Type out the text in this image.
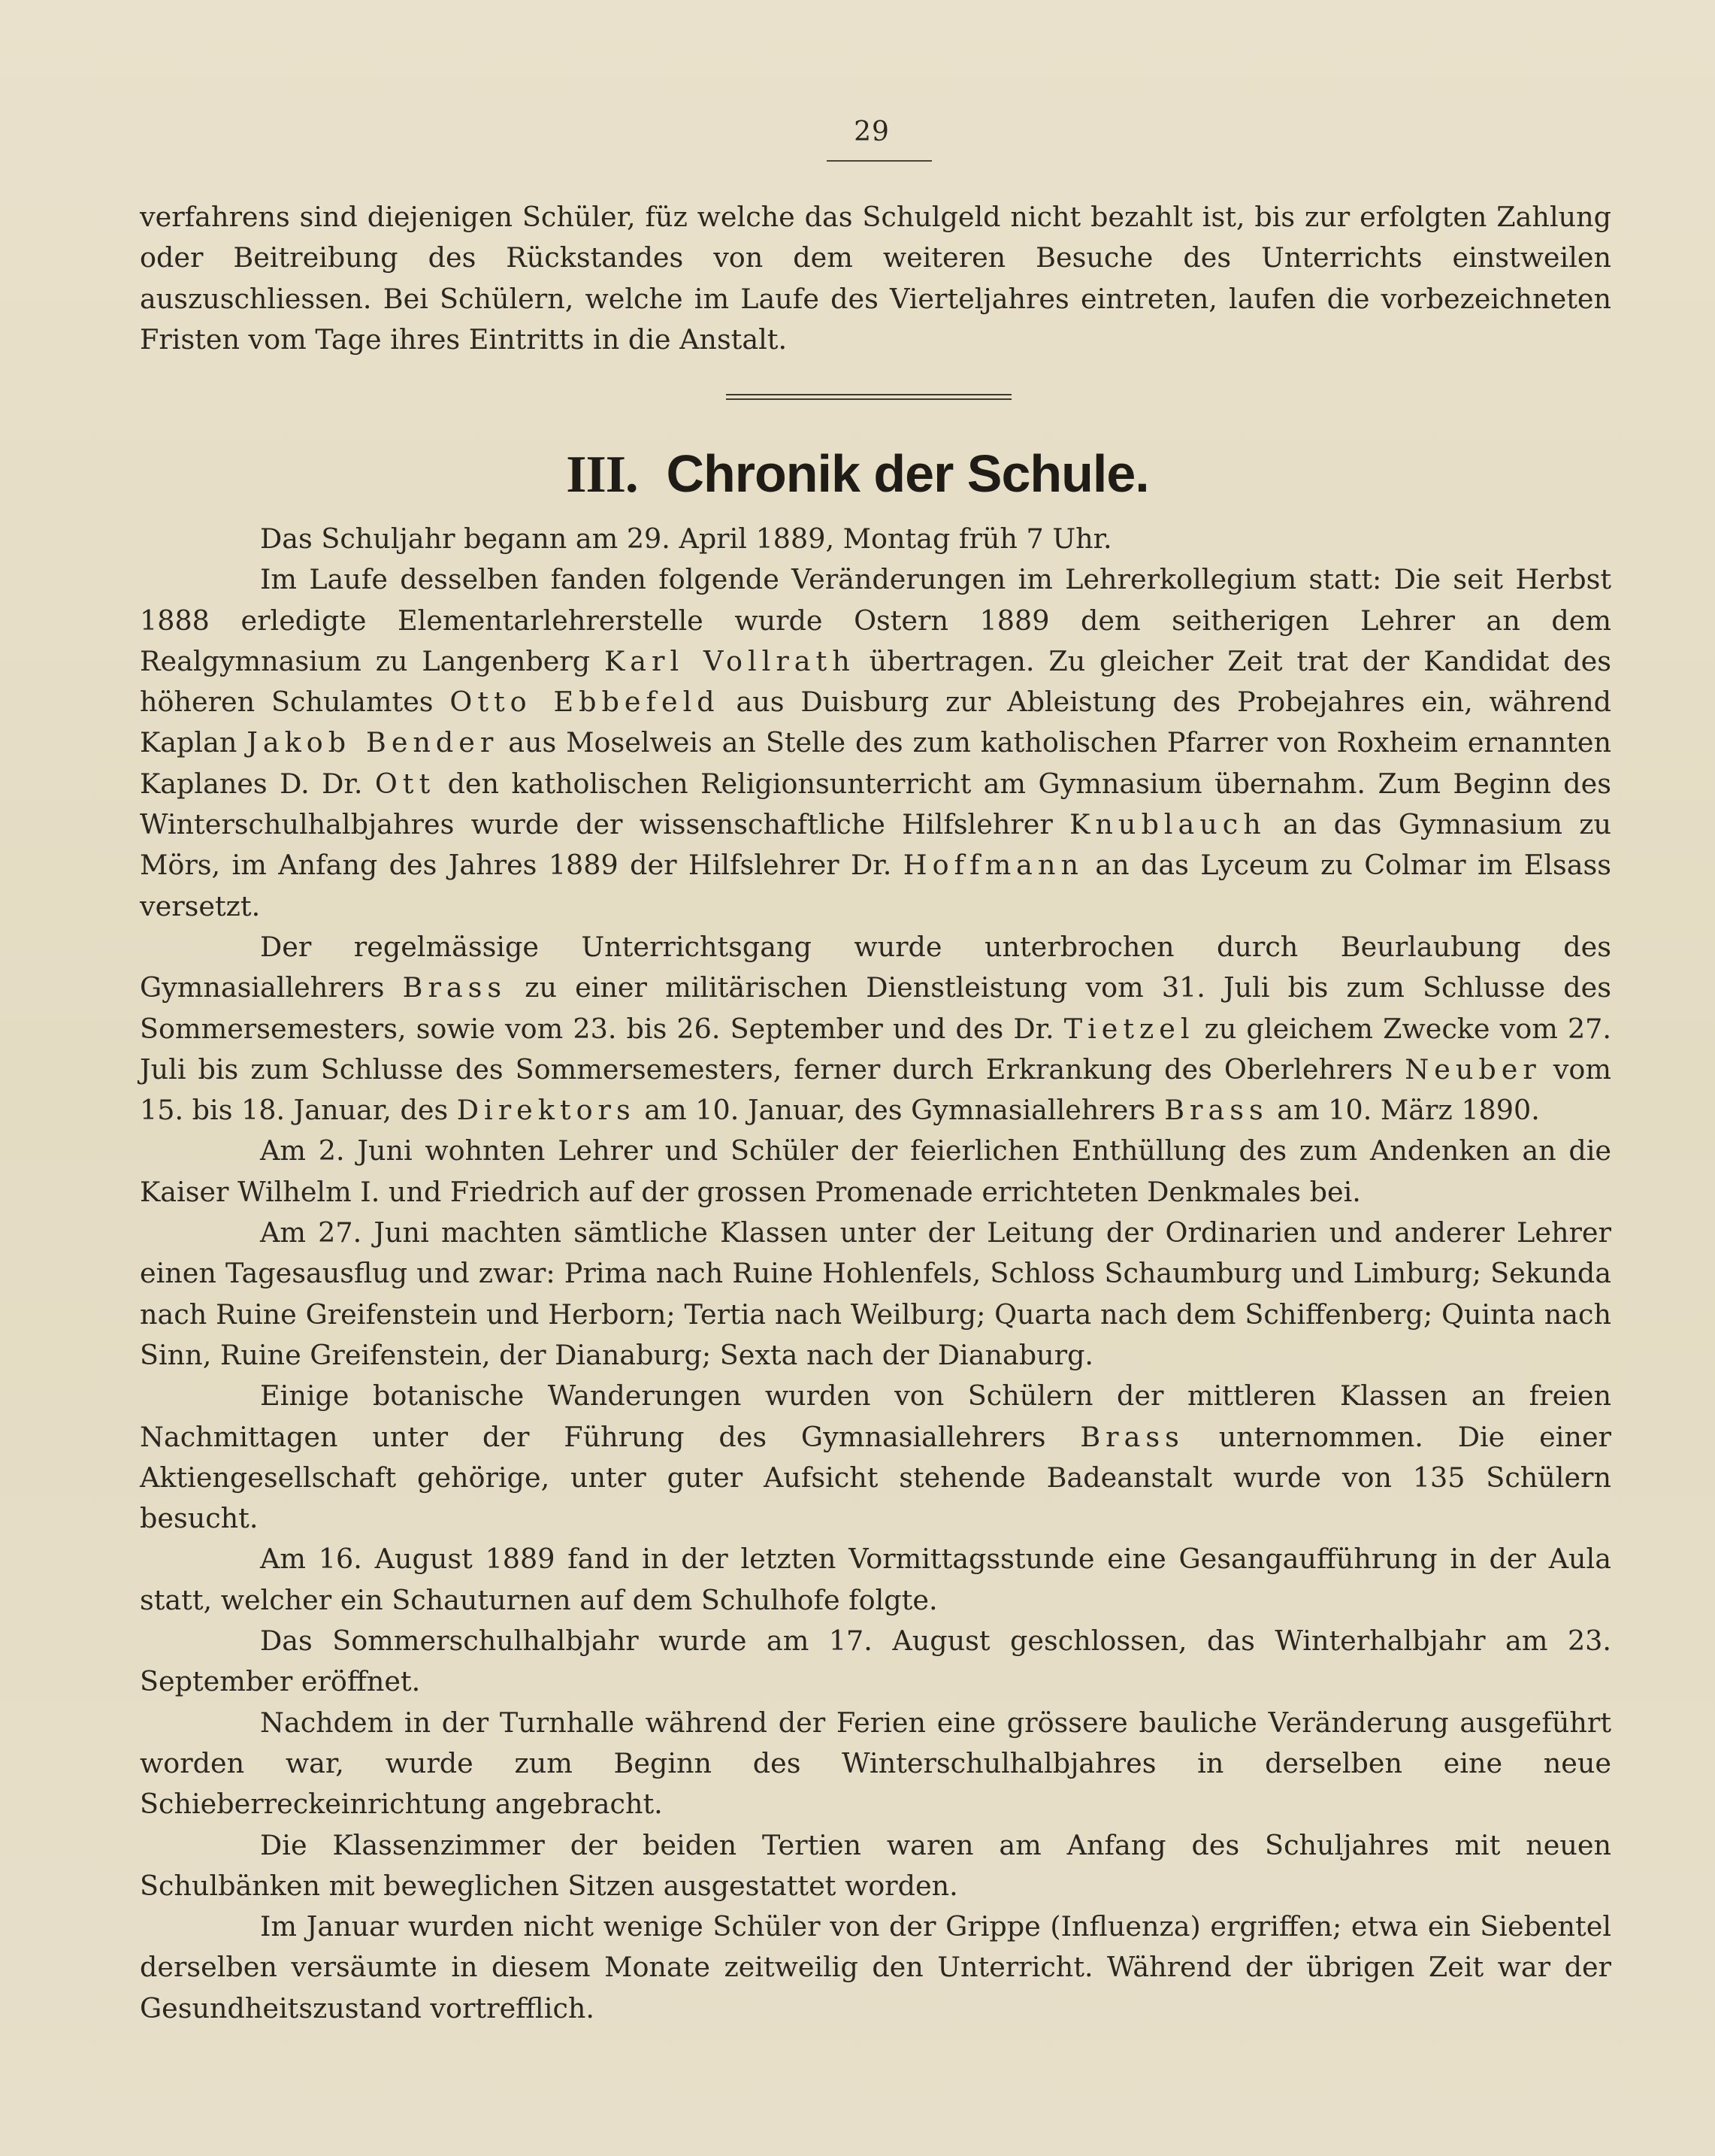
29

verfahrens sind diejenigen Schüler, füz welche das Schulgeld nicht bezahlt ist, bis zur erfolgten Zahlung oder Beitreibung des Rückstandes von dem weiteren Besuche des Unterrichts einstweilen auszuschliessen. Bei Schülern, welche im Laufe des Vierteljahres eintreten, laufen die vorbezeichneten Fristen vom Tage ihres Eintritts in die Anstalt.

III. Chronik der Schule.

Das Schuljahr begann am 29. April 1889, Montag früh 7 Uhr.

Im Laufe desselben fanden folgende Veränderungen im Lehrerkollegium statt: Die seit Herbst 1888 erledigte Elementarlehrerstelle wurde Ostern 1889 dem seitherigen Lehrer an dem Realgymnasium zu Langenberg Karl Vollrath übertragen. Zu gleicher Zeit trat der Kandidat des höheren Schulamtes Otto Ebbefeld aus Duisburg zur Ableistung des Probejahres ein, während Kaplan Jakob Bender aus Moselweis an Stelle des zum katholischen Pfarrer von Roxheim ernannten Kaplanes D. Dr. Ott den katholischen Religionsunterricht am Gymnasium übernahm. Zum Beginn des Winterschulhalbjahres wurde der wissenschaftliche Hilfslehrer Knublauch an das Gymnasium zu Mörs, im Anfang des Jahres 1889 der Hilfslehrer Dr. Hoffmann an das Lyceum zu Colmar im Elsass versetzt.

Der regelmässige Unterrichtsgang wurde unterbrochen durch Beurlaubung des Gymnasiallehrers Brass zu einer militärischen Dienstleistung vom 31. Juli bis zum Schlusse des Sommersemesters, sowie vom 23. bis 26. September und des Dr. Tietzel zu gleichem Zwecke vom 27. Juli bis zum Schlusse des Sommersemesters, ferner durch Erkrankung des Oberlehrers Neuber vom 15. bis 18. Januar, des Direktors am 10. Januar, des Gymnasiallehrers Brass am 10. März 1890.

Am 2. Juni wohnten Lehrer und Schüler der feierlichen Enthüllung des zum Andenken an die Kaiser Wilhelm I. und Friedrich auf der grossen Promenade errichteten Denkmales bei.

Am 27. Juni machten sämtliche Klassen unter der Leitung der Ordinarien und anderer Lehrer einen Tagesausflug und zwar: Prima nach Ruine Hohlenfels, Schloss Schaumburg und Limburg; Sekunda nach Ruine Greifenstein und Herborn; Tertia nach Weilburg; Quarta nach dem Schiffenberg; Quinta nach Sinn, Ruine Greifenstein, der Dianaburg; Sexta nach der Dianaburg.

Einige botanische Wanderungen wurden von Schülern der mittleren Klassen an freien Nachmittagen unter der Führung des Gymnasiallehrers Brass unternommen. Die einer Aktiengesellschaft gehörige, unter guter Aufsicht stehende Badeanstalt wurde von 135 Schülern besucht.

Am 16. August 1889 fand in der letzten Vormittagsstunde eine Gesangaufführung in der Aula statt, welcher ein Schauturnen auf dem Schulhofe folgte.

Das Sommerschulhalbjahr wurde am 17. August geschlossen, das Winterhalbjahr am 23. September eröffnet.

Nachdem in der Turnhalle während der Ferien eine grössere bauliche Veränderung ausgeführt worden war, wurde zum Beginn des Winterschulhalbjahres in derselben eine neue Schieberreckeinrichtung angebracht.

Die Klassenzimmer der beiden Tertien waren am Anfang des Schuljahres mit neuen Schulbänken mit beweglichen Sitzen ausgestattet worden.

Im Januar wurden nicht wenige Schüler von der Grippe (Influenza) ergriffen; etwa ein Siebentel derselben versäumte in diesem Monate zeitweilig den Unterricht. Während der übrigen Zeit war der Gesundheitszustand vortrefflich.
